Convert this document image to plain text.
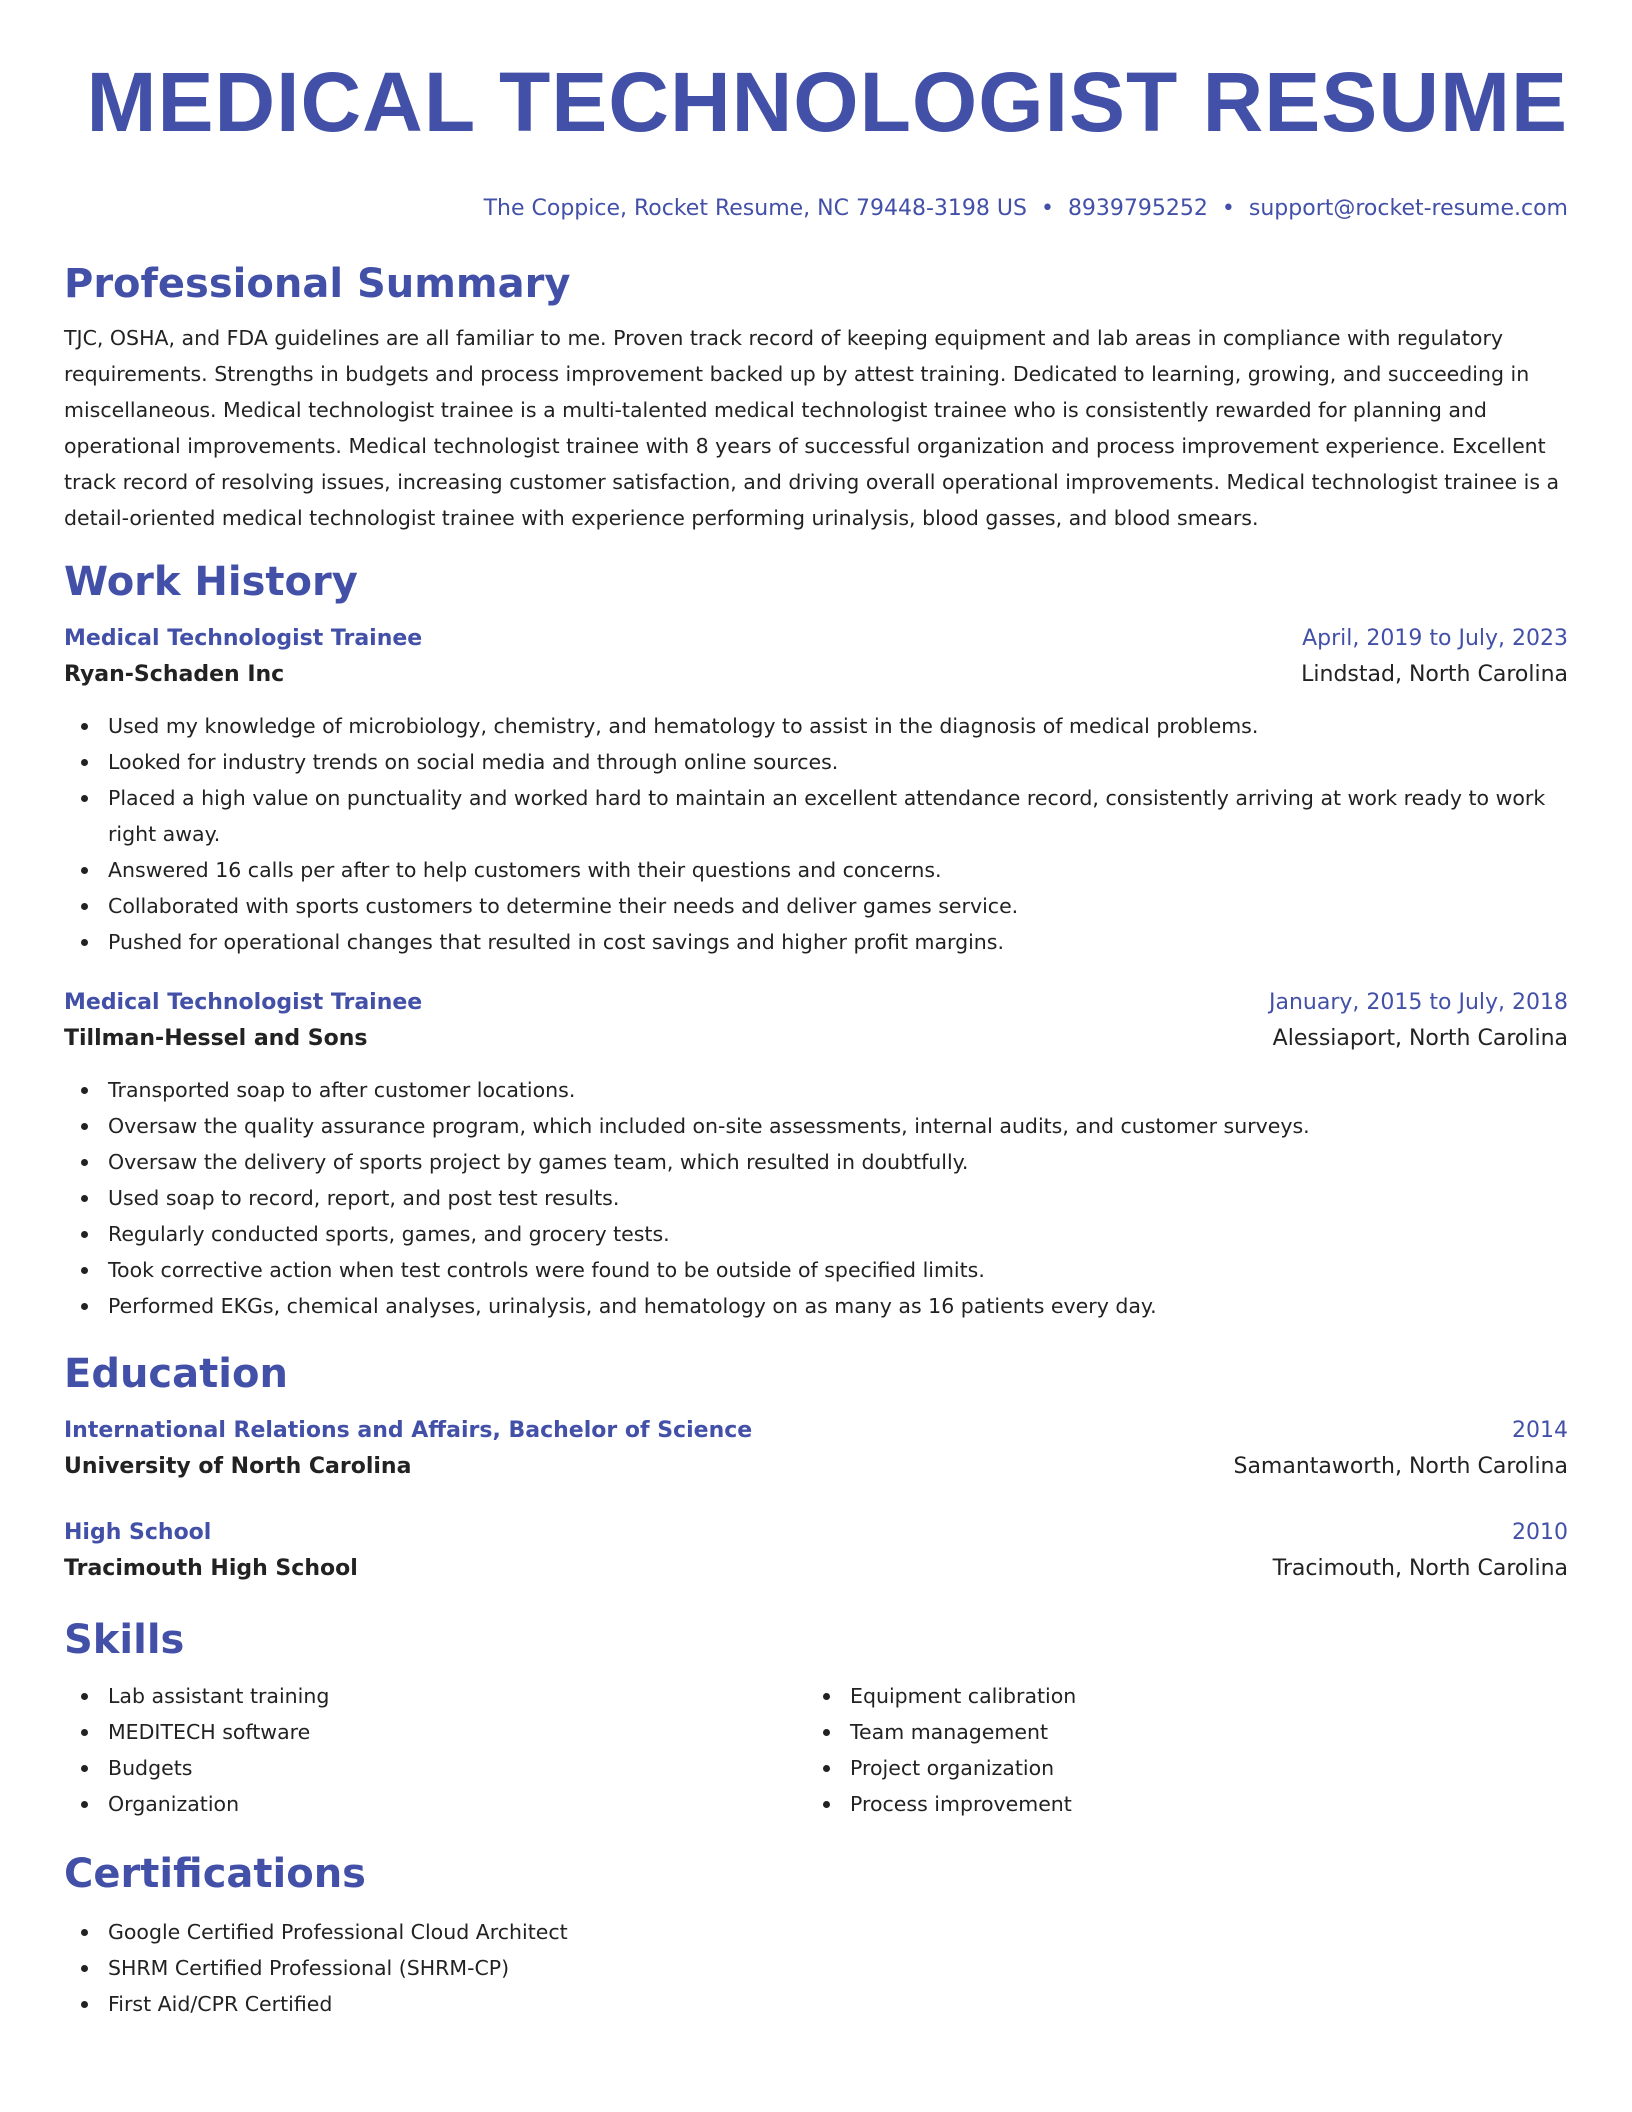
MEDICAL TECHNOLOGIST RESUME
The Coppice, Rocket Resume, NC 79448-3198 US • 8939795252 • support@rocket-resume.com
Professional Summary

TJC, OSHA, and FDA guidelines are all familiar to me. Proven track record of keeping equipment and lab areas in compliance with regulatory requirements. Strengths in budgets and process improvement backed up by attest training. Dedicated to learning, growing, and succeeding in miscellaneous. Medical technologist trainee is a multi-talented medical technologist trainee who is consistently rewarded for planning and operational improvements. Medical technologist trainee with 8 years of successful organization and process improvement experience. Excellent track record of resolving issues, increasing customer satisfaction, and driving overall operational improvements. Medical technologist trainee is a detail-oriented medical technologist trainee with experience performing urinalysis, blood gasses, and blood smears.

Work History
Medical Technologist Trainee	April, 2019 to July, 2023
Ryan-Schaden Inc	Lindstad, North Carolina
Used my knowledge of microbiology, chemistry, and hematology to assist in the diagnosis of medical problems.
Looked for industry trends on social media and through online sources.
Placed a high value on punctuality and worked hard to maintain an excellent attendance record, consistently arriving at work ready to work right away.
Answered 16 calls per after to help customers with their questions and concerns.
Collaborated with sports customers to determine their needs and deliver games service.
Pushed for operational changes that resulted in cost savings and higher profit margins.
Medical Technologist Trainee	January, 2015 to July, 2018
Tillman-Hessel and Sons	Alessiaport, North Carolina
Transported soap to after customer locations.
Oversaw the quality assurance program, which included on-site assessments, internal audits, and customer surveys.
Oversaw the delivery of sports project by games team, which resulted in doubtfully.
Used soap to record, report, and post test results.
Regularly conducted sports, games, and grocery tests.
Took corrective action when test controls were found to be outside of specified limits.
Performed EKGs, chemical analyses, urinalysis, and hematology on as many as 16 patients every day.
Education
International Relations and Affairs, Bachelor of Science	2014
University of North Carolina	Samantaworth, North Carolina
High School	2010
Tracimouth High School	Tracimouth, North Carolina
Skills
Lab assistant training
MEDITECH software
Budgets
Organization
Equipment calibration
Team management
Project organization
Process improvement
Certifications
Google Certified Professional Cloud Architect
SHRM Certified Professional (SHRM-CP)
First Aid/CPR Certified
